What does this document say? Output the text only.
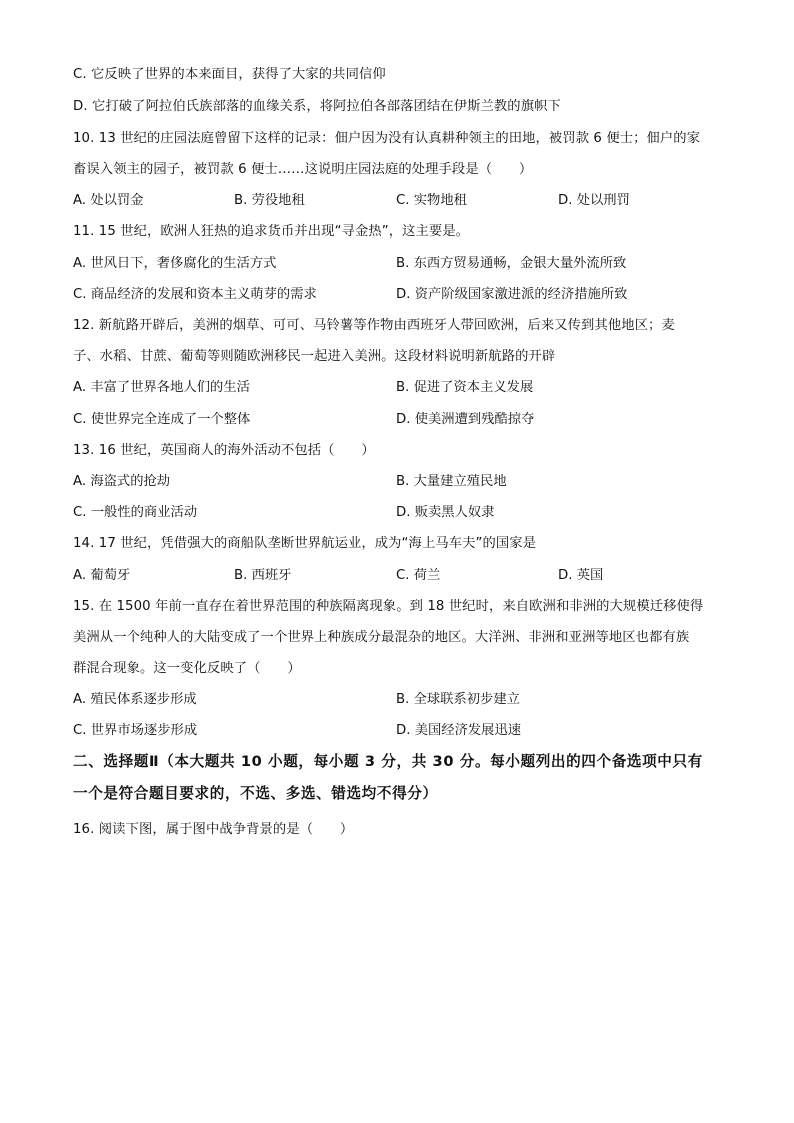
C. 它反映了世界的本来面目，获得了大家的共同信仰
D. 它打破了阿拉伯氏族部落的血缘关系，将阿拉伯各部落团结在伊斯兰教的旗帜下
10. 13 世纪的庄园法庭曾留下这样的记录：佃户因为没有认真耕种领主的田地，被罚款 6 便士；佃户的家
畜误入领主的园子，被罚款 6 便士……这说明庄园法庭的处理手段是（　　）
A. 处以罚金	B. 劳役地租	C. 实物地租	D. 处以刑罚
11. 15 世纪，欧洲人狂热的追求货币并出现“寻金热”，这主要是。
A. 世风日下，奢侈腐化的生活方式	B. 东西方贸易通畅，金银大量外流所致
C. 商品经济的发展和资本主义萌芽的需求	D. 资产阶级国家激进派的经济措施所致
12. 新航路开辟后，美洲的烟草、可可、马铃薯等作物由西班牙人带回欧洲，后来又传到其他地区；麦
子、水稻、甘蔗、葡萄等则随欧洲移民一起进入美洲。这段材料说明新航路的开辟
A. 丰富了世界各地人们的生活	B. 促进了资本主义发展
C. 使世界完全连成了一个整体	D. 使美洲遭到残酷掠夺
13. 16 世纪，英国商人的海外活动不包括（　　）
A. 海盗式的抢劫	B. 大量建立殖民地
C. 一般性的商业活动	D. 贩卖黑人奴隶
14. 17 世纪，凭借强大的商船队垄断世界航运业，成为“海上马车夫”的国家是
A. 葡萄牙	B. 西班牙	C. 荷兰	D. 英国
15. 在 1500 年前一直存在着世界范围的种族隔离现象。到 18 世纪时，来自欧洲和非洲的大规模迁移使得
美洲从一个纯种人的大陆变成了一个世界上种族成分最混杂的地区。大洋洲、非洲和亚洲等地区也都有族
群混合现象。这一变化反映了（　　）
A. 殖民体系逐步形成	B. 全球联系初步建立
C. 世界市场逐步形成	D. 美国经济发展迅速
二、选择题Ⅱ（本大题共 10 小题，每小题 3 分，共 30 分。每小题列出的四个备选项中只有
一个是符合题目要求的，不选、多选、错选均不得分）
16. 阅读下图，属于图中战争背景的是（　　）
